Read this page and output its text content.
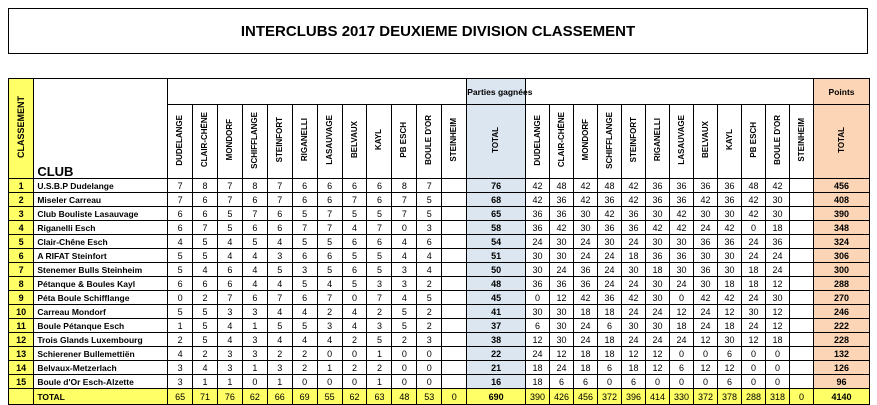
INTERCLUBS 2017 DEUXIEME DIVISION CLASSEMENT
CLASSEMENT	CLUB													Parties gagnées													Points
		DUDELANGE	CLAIR-CHÊNE	MONDORF	SCHIFFLANGE	STEINFORT	RIGANELLI	LASAUVAGE	BELVAUX	KAYL	PB ESCH	BOULE D'OR	STEINHEIM	TOTAL	DUDELANGE	CLAIR-CHÊNE	MONDORF	SCHIFFLANGE	STEINFORT	RIGANELLI	LASAUVAGE	BELVAUX	KAYL	PB ESCH	BOULE D'OR	STEINHEIM	TOTAL
1	U.S.B.P Dudelange	7	8	7	8	7	6	6	6	6	8	7		76	42	48	42	48	42	36	36	36	36	48	42		456
2	Miseler Carreau	7	6	7	6	7	6	6	7	6	7	5		68	42	36	42	36	42	36	36	42	36	42	30		408
3	Club Bouliste Lasauvage	6	6	5	7	6	5	7	5	5	7	5		65	36	36	30	42	36	30	42	30	30	42	30		390
4	Riganelli Esch	6	7	5	6	6	7	7	4	7	0	3		58	36	42	30	36	36	42	42	24	42	0	18		348
5	Clair-Chêne Esch	4	5	4	5	4	5	5	6	6	4	6		54	24	30	24	30	24	30	30	36	36	24	36		324
6	A RIFAT Steinfort	5	5	4	4	3	6	6	5	5	4	4		51	30	30	24	24	18	36	36	30	30	24	24		306
7	Stenemer Bulls Steinheim	5	4	6	4	5	3	5	6	5	3	4		50	30	24	36	24	30	18	30	36	30	18	24		300
8	Pétanque & Boules Kayl	6	6	6	4	4	5	4	5	3	3	2		48	36	36	36	24	24	30	24	30	18	18	12		288
9	Péta Boule Schifflange	0	2	7	6	7	6	7	0	7	4	5		45	0	12	42	36	42	30	0	42	42	24	30		270
10	Carreau Mondorf	5	5	3	3	4	4	2	4	2	5	2		41	30	30	18	18	24	24	12	24	12	30	12		246
11	Boule Pétanque Esch	1	5	4	1	5	5	3	4	3	5	2		37	6	30	24	6	30	30	18	24	18	24	12		222
12	Trois Glands Luxembourg	2	5	4	3	4	4	4	2	5	2	3		38	12	30	24	18	24	24	24	12	30	12	18		228
13	Schierener Bullemettiën	4	2	3	3	2	2	0	0	1	0	0		22	24	12	18	18	12	12	0	0	6	0	0		132
14	Belvaux-Metzerlach	3	4	3	1	3	2	1	2	2	0	0		21	18	24	18	6	18	12	6	12	12	0	0		126
15	Boule d'Or Esch-Alzette	3	1	1	0	1	0	0	0	1	0	0		16	18	6	6	0	6	0	0	0	6	0	0		96
	TOTAL	65	71	76	62	66	69	55	62	63	48	53	0	690	390	426	456	372	396	414	330	372	378	288	318	0	4140
